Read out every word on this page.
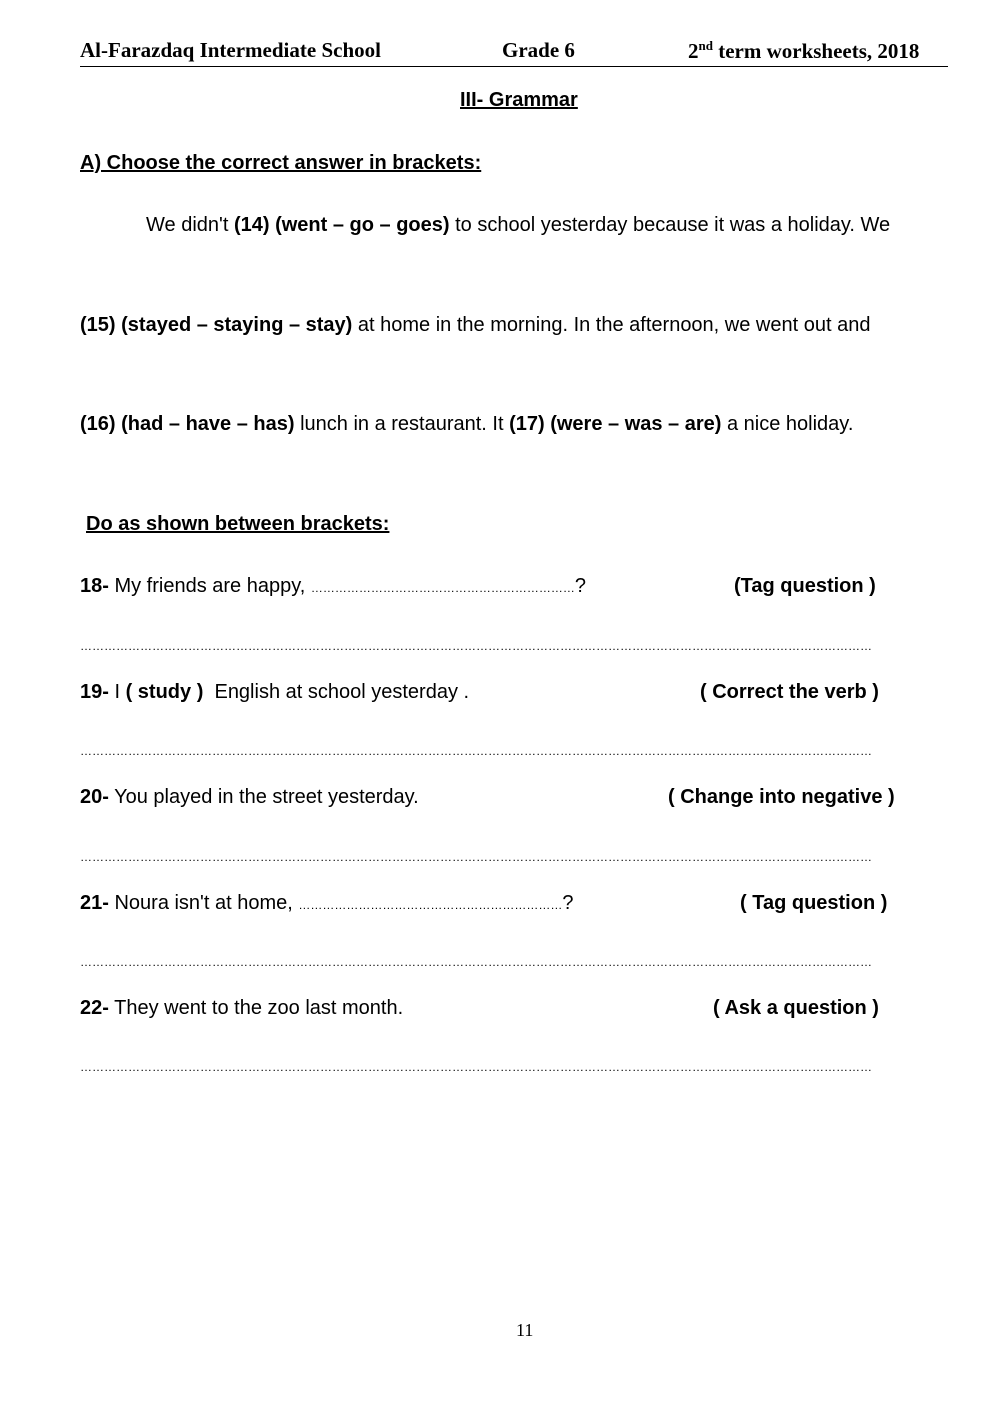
Al-Farazdaq Intermediate School	Grade 6	2nd term worksheets, 2018
III- Grammar
A) Choose the correct answer in brackets:
We didn't (14) (went – go – goes) to school yesterday because it was a holiday. We
(15) (stayed – staying – stay) at home in the morning. In the afternoon, we went out and
(16) (had – have – has) lunch in a restaurant. It (17) (were – was – are) a nice holiday.
Do as shown between brackets:
18- My friends are happy, …………………………………………………………?	(Tag question )
………………………………………………………………………………………………………………………………………………………………………………
19- I ( study )  English at school yesterday .	( Correct the verb )
………………………………………………………………………………………………………………………………………………………………………………
20- You played in the street yesterday.	( Change into negative )
………………………………………………………………………………………………………………………………………………………………………………
21- Noura isn't at home, …………………………………………………………?	( Tag question )
………………………………………………………………………………………………………………………………………………………………………………
22- They went to the zoo last month.	( Ask a question )
………………………………………………………………………………………………………………………………………………………………………………
11
